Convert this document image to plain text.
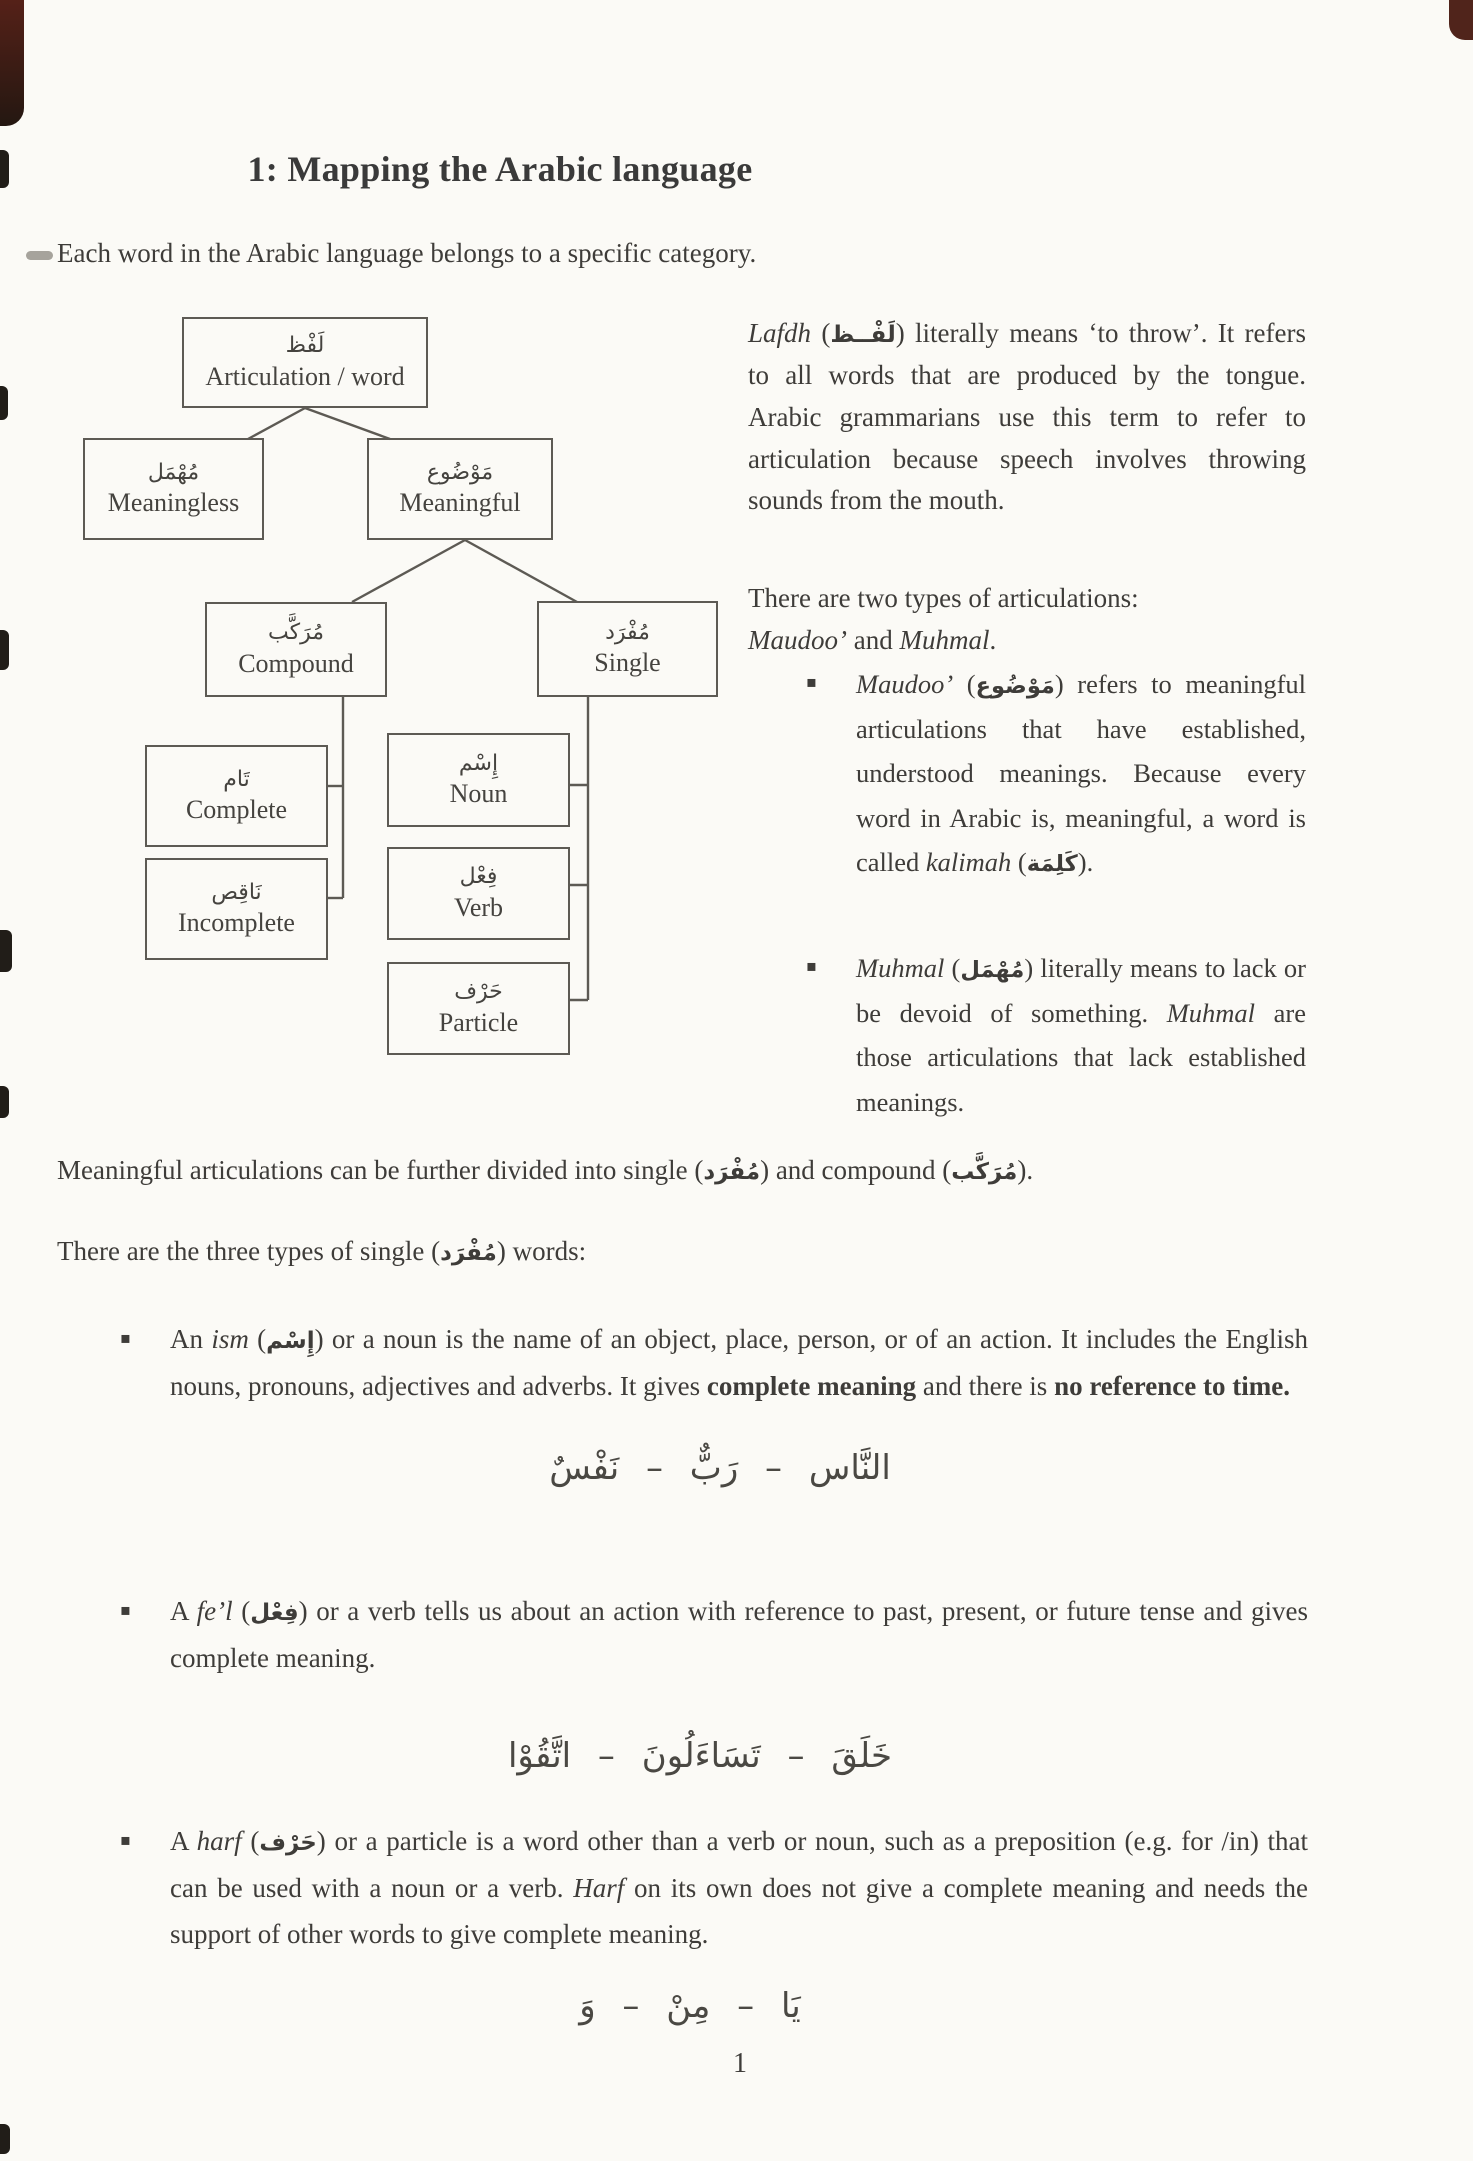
1: Mapping the Arabic language

Each word in the Arabic language belongs to a specific category.

لَفْظ
Articulation / word
مُهْمَل
Meaningless
مَوْضُوع
Meaningful
مُرَكَّب
Compound
مُفْرَد
Single
تَام
Complete
نَاقِص
Incomplete
إِسْم
Noun
فِعْل
Verb
حَرْف
Particle
Lafdh (لَفْــظ) literally means ‘to throw’. It refers to all words that are produced by the tongue. Arabic grammarians use this term to refer to articulation because speech involves throwing sounds from the mouth.
There are two types of articulations:
Maudoo’ and Muhmal.
▪	Maudoo’ (مَوْضُوع) refers to meaningful articulations that have established, understood meanings. Because every word in Arabic is, meaningful, a word is called kalimah (كَلِمَة).
▪	Muhmal (مُهْمَل) literally means to lack or be devoid of something. Muhmal are those articulations that lack established meanings.

Meaningful articulations can be further divided into single (مُفْرَد) and compound (مُرَكَّب).

There are the three types of single (مُفْرَد) words:

▪	An ism (إِسْم) or a noun is the name of an object, place, person, or of an action. It includes the English nouns, pronouns, adjectives and adverbs. It gives complete meaning and there is no reference to time.
النَّاس – رَبٌّ – نَفْسٌ
▪	A fe’l (فِعْل) or a verb tells us about an action with reference to past, present, or future tense and gives complete meaning.
خَلَقَ – تَسَاءَلُونَ – اتَّقُوْا
▪	A harf (حَرْف) or a particle is a word other than a verb or noun, such as a preposition (e.g. for /in) that can be used with a noun or a verb. Harf on its own does not give a complete meaning and needs the support of other words to give complete meaning.
يَا – مِنْ – وَ
1
